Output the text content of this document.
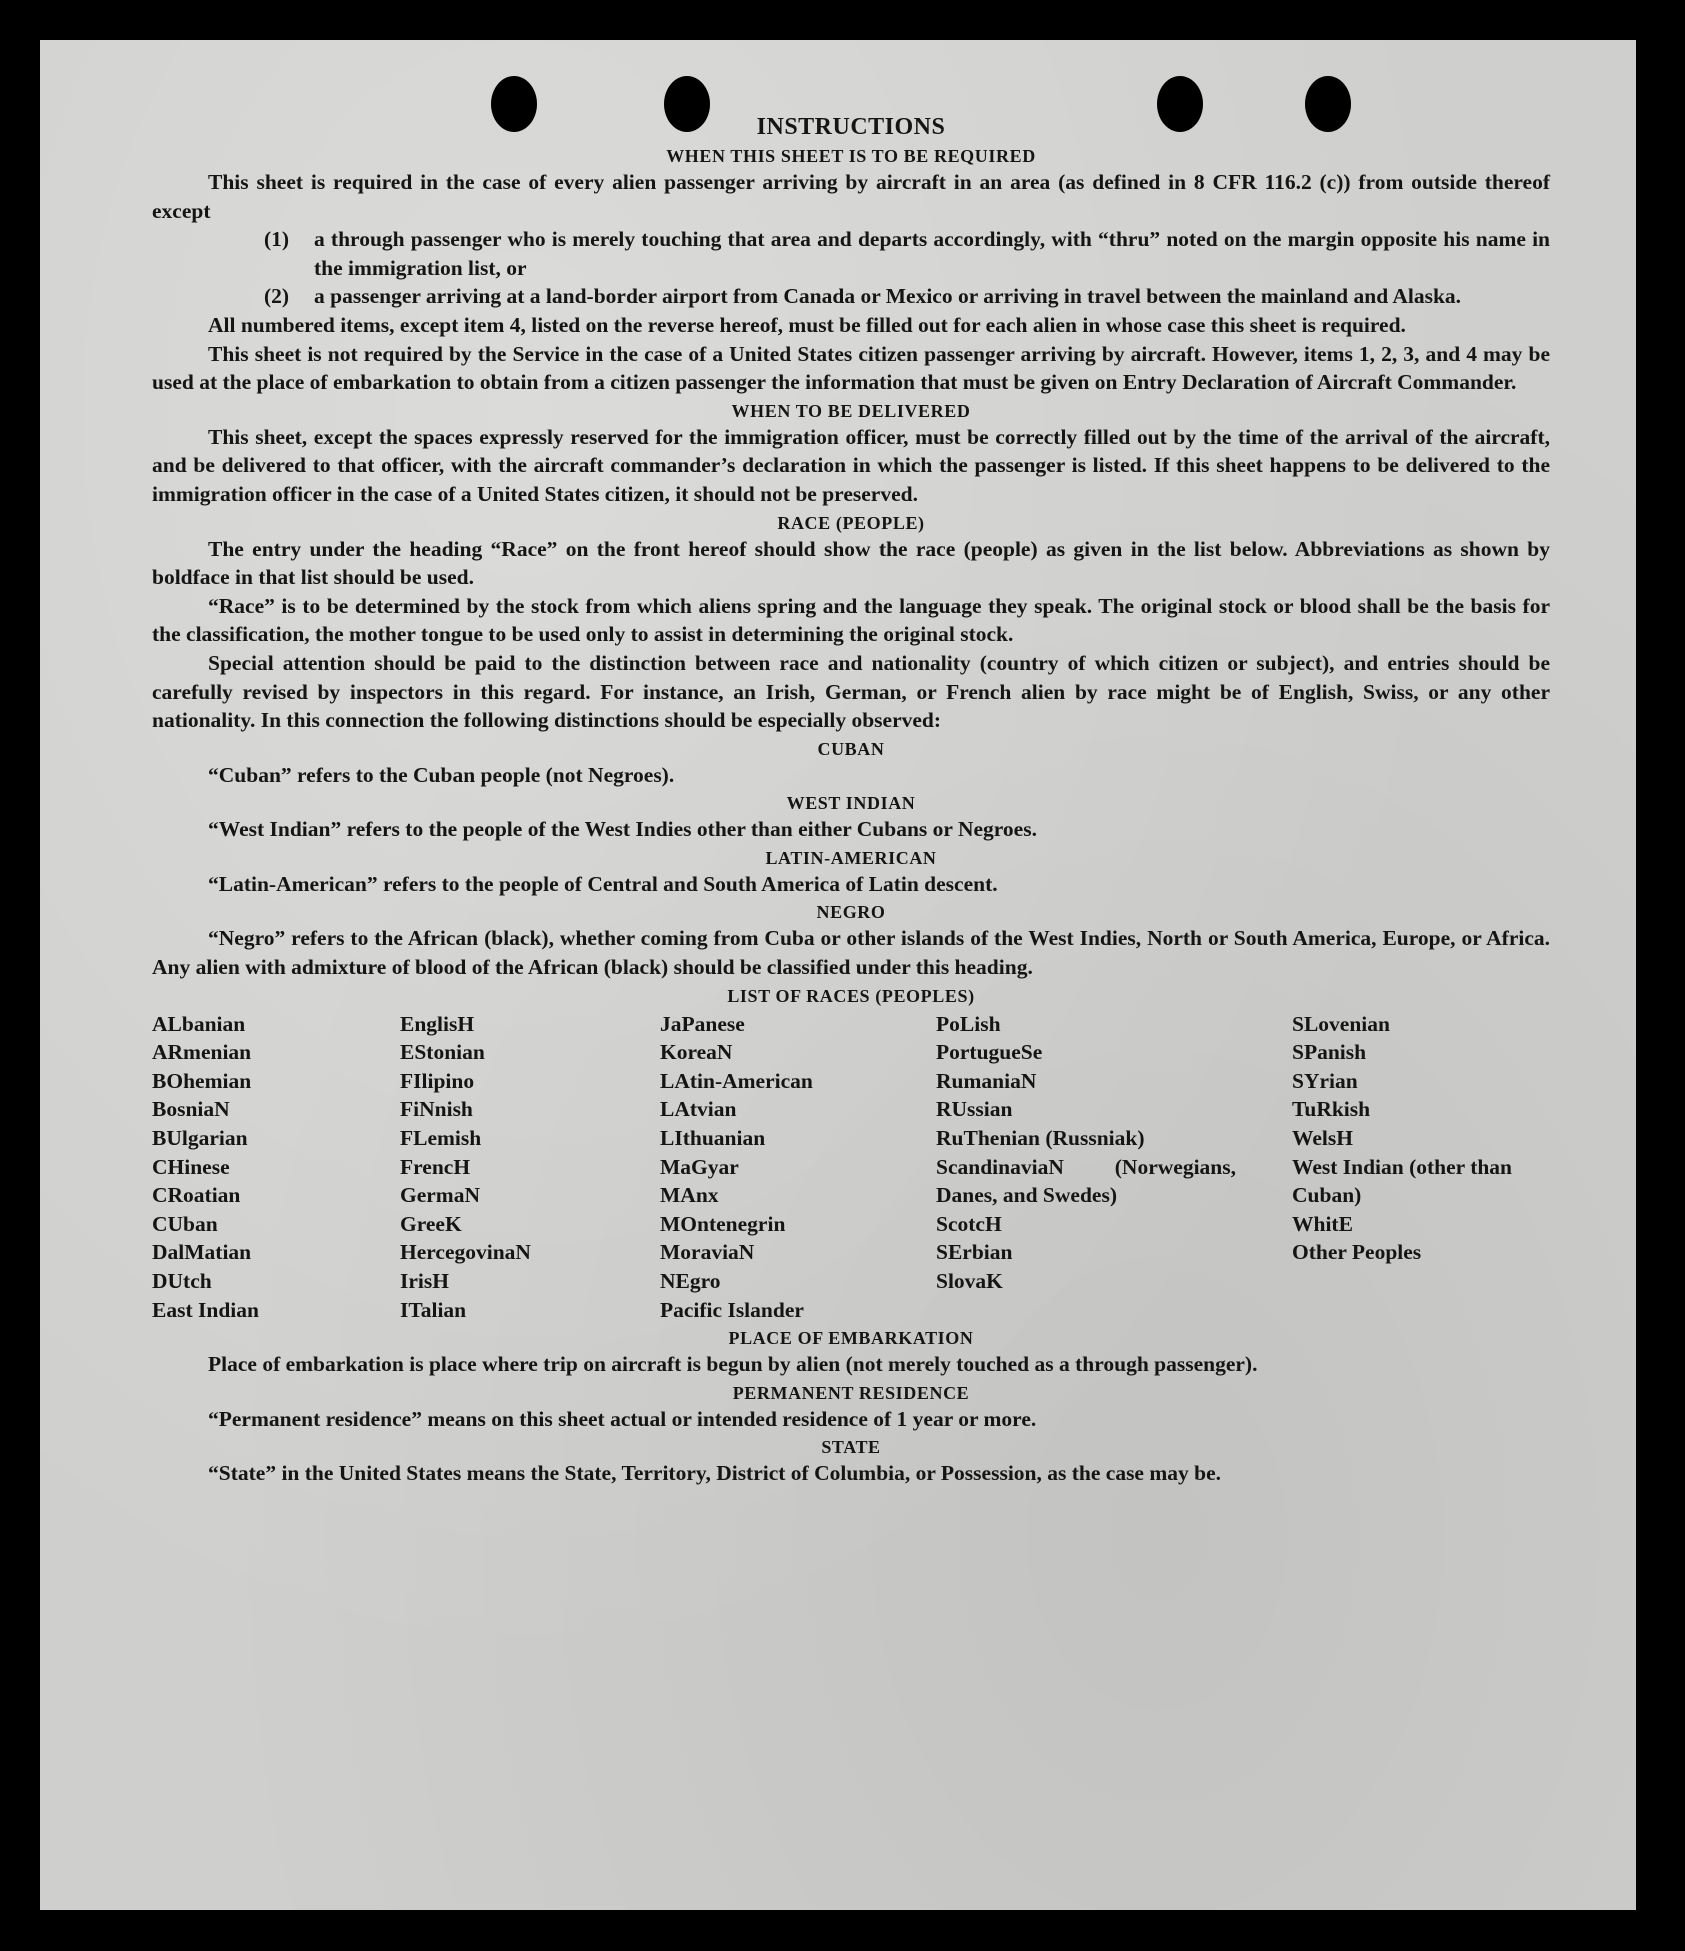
INSTRUCTIONS
WHEN THIS SHEET IS TO BE REQUIRED

This sheet is required in the case of every alien passenger arriving by aircraft in an area (as defined in 8 CFR 116.2 (c)) from outside thereof except

(1)	a through passenger who is merely touching that area and departs accordingly, with “thru” noted on the margin opposite his name in the immigration list, or
(2)	a passenger arriving at a land-border airport from Canada or Mexico or arriving in travel between the mainland and Alaska.

All numbered items, except item 4, listed on the reverse hereof, must be filled out for each alien in whose case this sheet is required.

This sheet is not required by the Service in the case of a United States citizen passenger arriving by aircraft. However, items 1, 2, 3, and 4 may be used at the place of embarkation to obtain from a citizen passenger the information that must be given on Entry Declaration of Aircraft Commander.

WHEN TO BE DELIVERED

This sheet, except the spaces expressly reserved for the immigration officer, must be correctly filled out by the time of the arrival of the aircraft, and be delivered to that officer, with the aircraft commander’s declaration in which the passenger is listed. If this sheet happens to be delivered to the immigration officer in the case of a United States citizen, it should not be preserved.

RACE (PEOPLE)

The entry under the heading “Race” on the front hereof should show the race (people) as given in the list below. Abbreviations as shown by boldface in that list should be used.

“Race” is to be determined by the stock from which aliens spring and the language they speak. The original stock or blood shall be the basis for the classification, the mother tongue to be used only to assist in determining the original stock.

Special attention should be paid to the distinction between race and nationality (country of which citizen or subject), and entries should be carefully revised by inspectors in this regard. For instance, an Irish, German, or French alien by race might be of English, Swiss, or any other nationality. In this connection the following distinctions should be especially observed:

CUBAN

“Cuban” refers to the Cuban people (not Negroes).

WEST INDIAN

“West Indian” refers to the people of the West Indies other than either Cubans or Negroes.

LATIN-AMERICAN

“Latin-American” refers to the people of Central and South America of Latin descent.

NEGRO

“Negro” refers to the African (black), whether coming from Cuba or other islands of the West Indies, North or South America, Europe, or Africa. Any alien with admixture of blood of the African (black) should be classified under this heading.

LIST OF RACES (PEOPLES)
ALbanian
ARmenian
BOhemian
BosniaN
BUlgarian
CHinese
CRoatian
CUban
DalMatian
DUtch
East Indian
EnglisH
EStonian
FIlipino
FiNnish
FLemish
FrencH
GermaN
GreeK
HercegovinaN
IrisH
ITalian
JaPanese
KoreaN
LAtin-American
LAtvian
LIthuanian
MaGyar
MAnx
MOntenegrin
MoraviaN
NEgro
Pacific Islander
PoLish
PortugueSe
RumaniaN
RUssian
RuThenian (Russniak)
ScandinaviaN (Norwegians, Danes, and Swedes)
ScotcH
SErbian
SlovaK
SLovenian
SPanish
SYrian
TuRkish
WelsH
West Indian (other than Cuban)
WhitE
Other Peoples
PLACE OF EMBARKATION

Place of embarkation is place where trip on aircraft is begun by alien (not merely touched as a through passenger).

PERMANENT RESIDENCE

“Permanent residence” means on this sheet actual or intended residence of 1 year or more.

STATE

“State” in the United States means the State, Territory, District of Columbia, or Possession, as the case may be.
